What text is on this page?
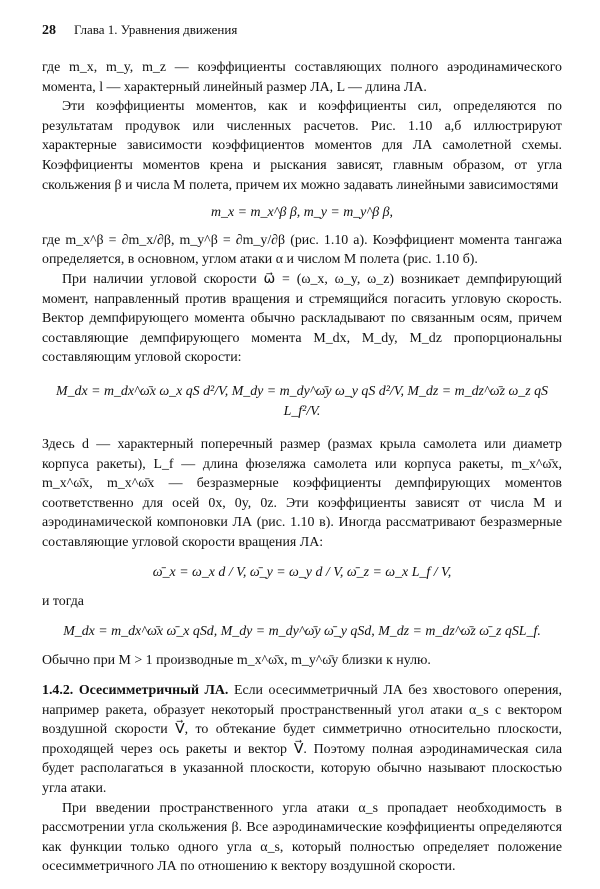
28 Глава 1. Уравнения движения

где m_x, m_y, m_z — коэффициенты составляющих полного аэродинамического момента, l — характерный линейный размер ЛА, L — длина ЛА.

Эти коэффициенты моментов, как и коэффициенты сил, определяются по результатам продувок или численных расчетов. Рис. 1.10 а,б иллюстрируют характерные зависимости коэффициентов моментов для ЛА самолетной схемы. Коэффициенты моментов крена и рыскания зависят, главным образом, от угла скольжения β и числа M полета, причем их можно задавать линейными зависимостями

m_x = m_x^β β, m_y = m_y^β β,

где m_x^β = ∂m_x/∂β, m_y^β = ∂m_y/∂β (рис. 1.10 а). Коэффициент момента тангажа определяется, в основном, углом атаки α и числом M полета (рис. 1.10 б).

При наличии угловой скорости ω⃗ = (ω_x, ω_y, ω_z) возникает демпфирующий момент, направленный против вращения и стремящийся погасить угловую скорость. Вектор демпфирующего момента обычно раскладывают по связанным осям, причем составляющие демпфирующего момента M_dx, M_dy, M_dz пропорциональны составляющим угловой скорости:

M_dx = m_dx^ω̄x ω_x qS d²/V, M_dy = m_dy^ω̄y ω_y qS d²/V, M_dz = m_dz^ω̄z ω_z qS L_f²/V.

Здесь d — характерный поперечный размер (размах крыла самолета или диаметр корпуса ракеты), L_f — длина фюзеляжа самолета или корпуса ракеты, m_x^ω̄x, m_x^ω̄x, m_x^ω̄x — безразмерные коэффициенты демпфирующих моментов соответственно для осей 0x, 0y, 0z. Эти коэффициенты зависят от числа M и аэродинамической компоновки ЛА (рис. 1.10 в). Иногда рассматривают безразмерные составляющие угловой скорости вращения ЛА:

ω̄_x = ω_x d / V, ω̄_y = ω_y d / V, ω̄_z = ω_x L_f / V,

и тогда

M_dx = m_dx^ω̄x ω̄_x qSd, M_dy = m_dy^ω̄y ω̄_y qSd, M_dz = m_dz^ω̄z ω̄_z qSL_f.

Обычно при M > 1 производные m_x^ω̄x, m_y^ω̄y близки к нулю.

1.4.2. Осесимметричный ЛА. Если осесимметричный ЛА без хвостового оперения, например ракета, образует некоторый пространственный угол атаки α_s с вектором воздушной скорости V⃗, то обтекание будет симметрично относительно плоскости, проходящей через ось ракеты и вектор V⃗. Поэтому полная аэродинамическая сила будет располагаться в указанной плоскости, которую обычно называют плоскостью угла атаки.

При введении пространственного угла атаки α_s пропадает необходимость в рассмотрении угла скольжения β. Все аэродинамические коэффициенты определяются как функции только одного угла α_s, который полностью определяет положение осесимметричного ЛА по отношению к вектору воздушной скорости.
